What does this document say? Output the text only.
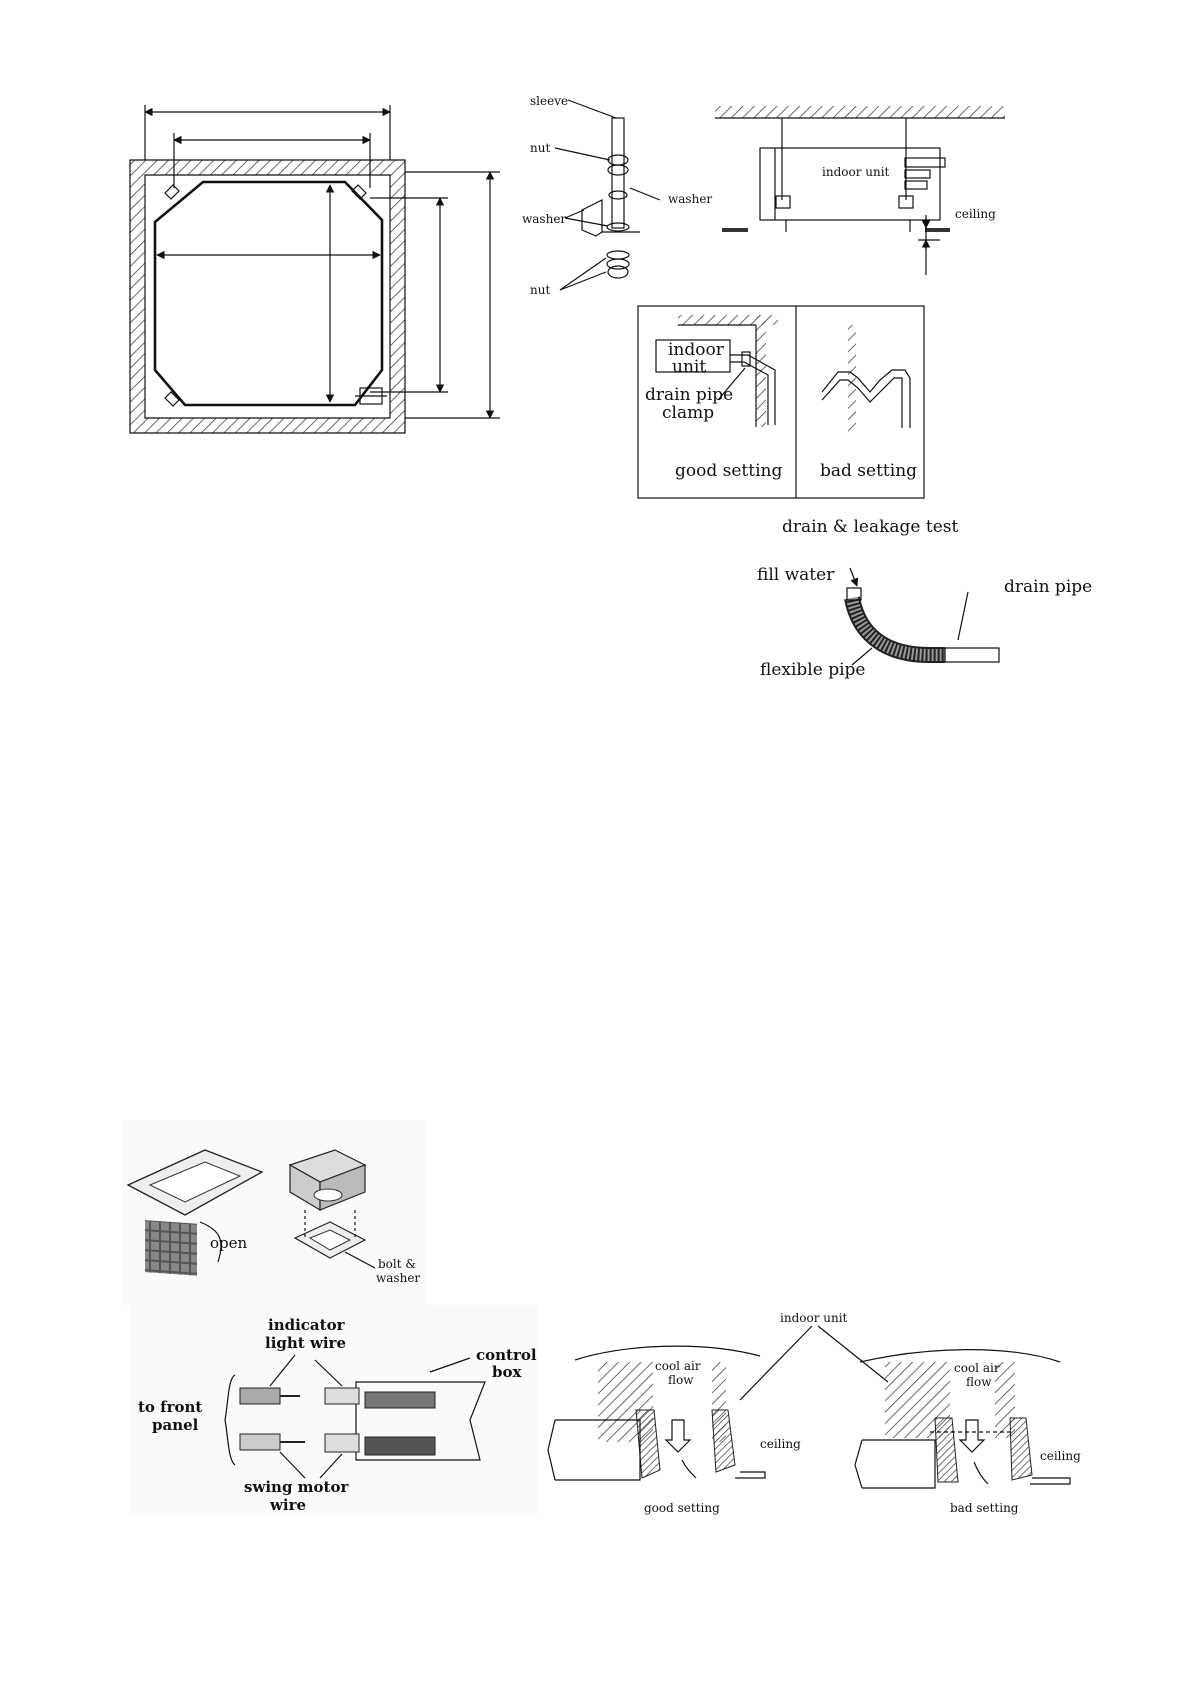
sleeve
nut
washer
washer
nut
indoor unit
ceiling
indoor
unit
drain pipe
clamp
good setting bad setting
drain & leakage test
fill water
drain pipe
flexible pipe
open
bolt &
washer
control
box
indicator
light wire
to front
panel
swing motor
wire
indoor unit
cool air
flow
ceiling
good setting
cool air
flow
ceiling
bad setting
